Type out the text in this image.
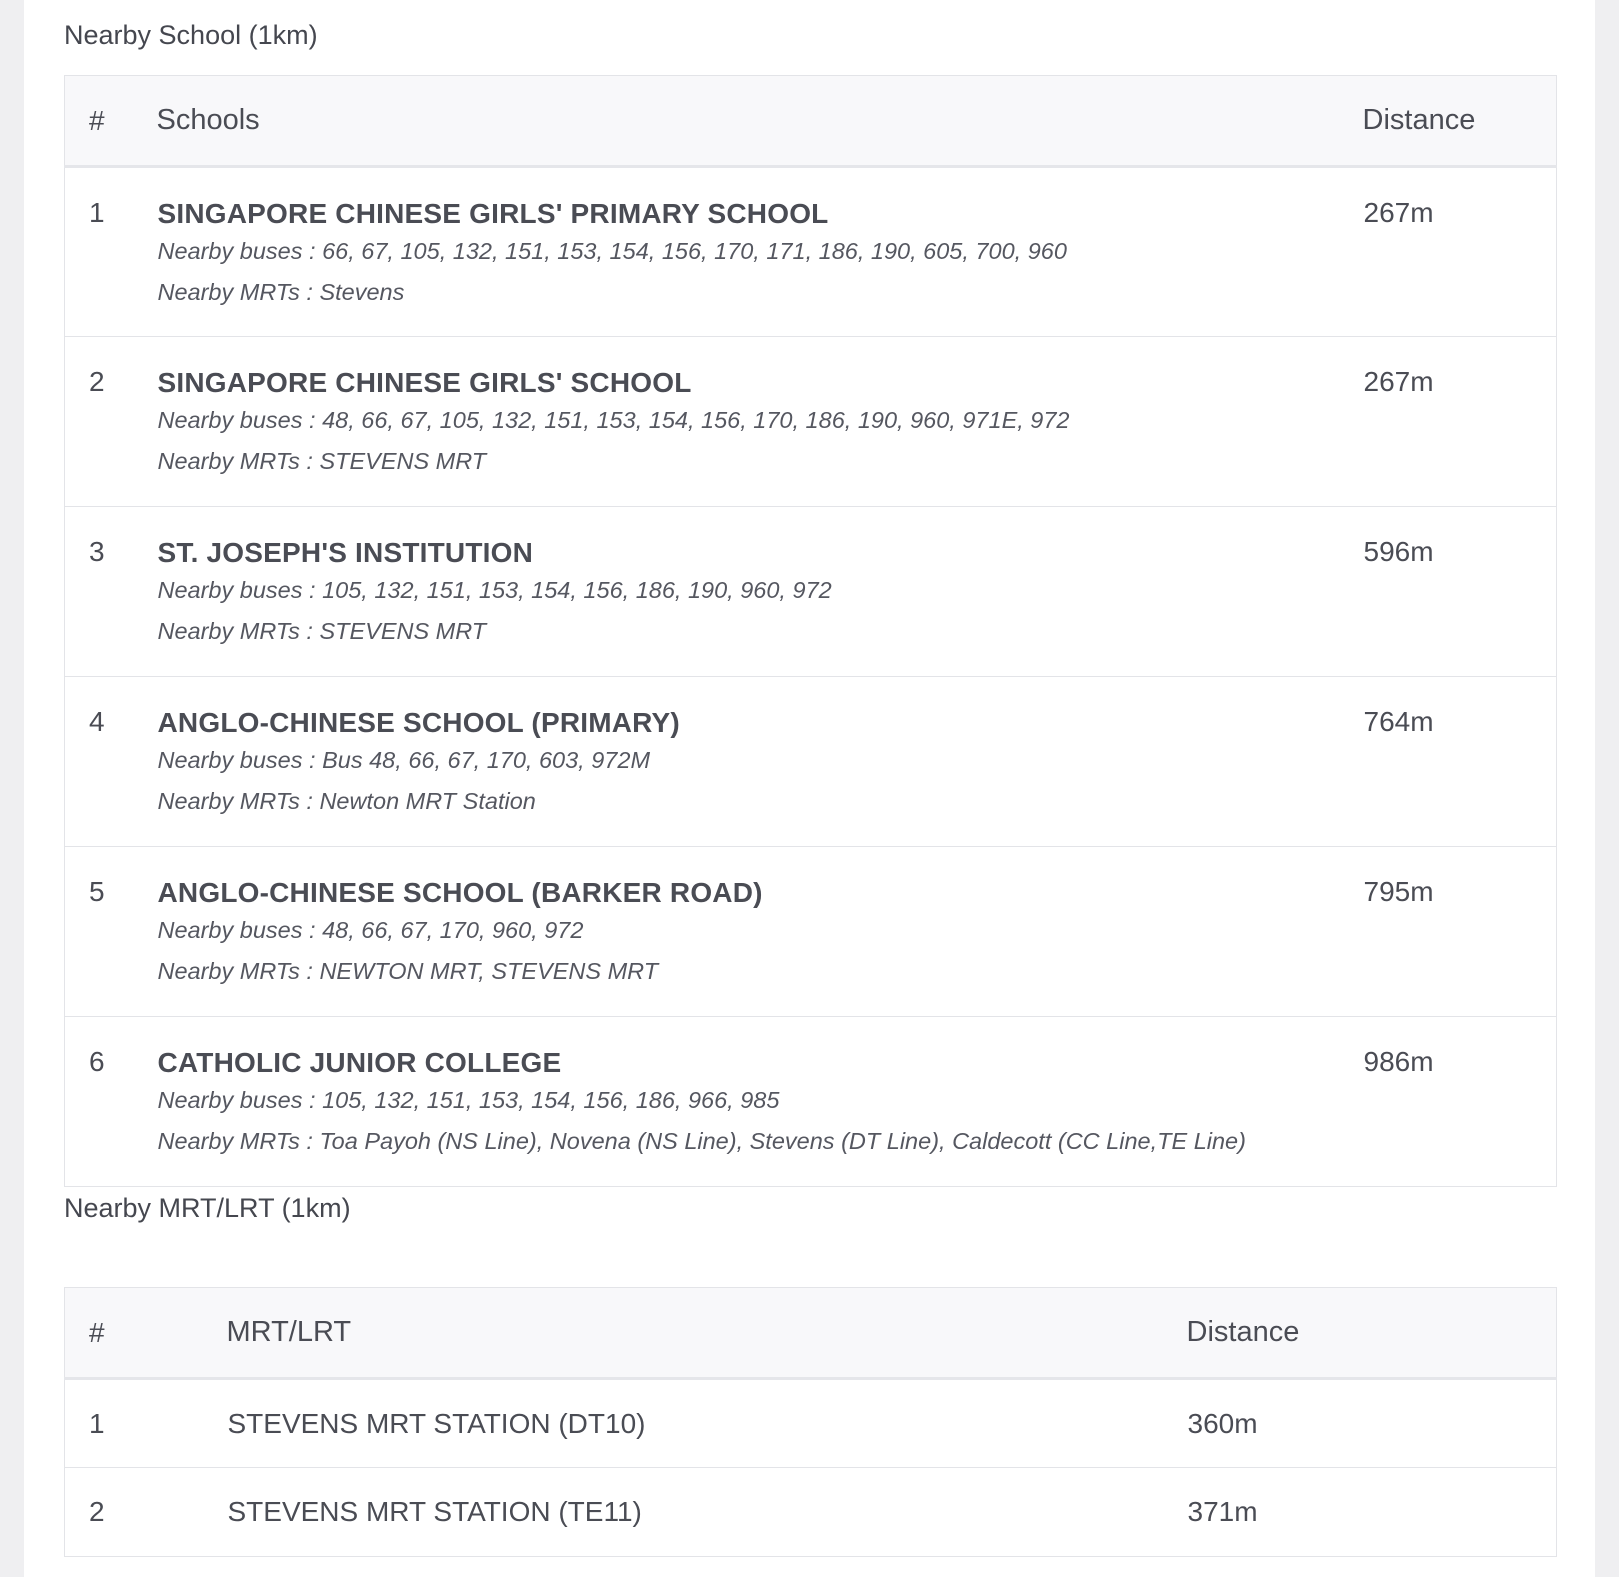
Nearby School (1km)
#	Schools	Distance
1	SINGAPORE CHINESE GIRLS' PRIMARY SCHOOL
Nearby buses : 66, 67, 105, 132, 151, 153, 154, 156, 170, 171, 186, 190, 605, 700, 960
Nearby MRTs : Stevens	267m
2	SINGAPORE CHINESE GIRLS' SCHOOL
Nearby buses : 48, 66, 67, 105, 132, 151, 153, 154, 156, 170, 186, 190, 960, 971E, 972
Nearby MRTs : STEVENS MRT	267m
3	ST. JOSEPH'S INSTITUTION
Nearby buses : 105, 132, 151, 153, 154, 156, 186, 190, 960, 972
Nearby MRTs : STEVENS MRT	596m
4	ANGLO-CHINESE SCHOOL (PRIMARY)
Nearby buses : Bus 48, 66, 67, 170, 603, 972M
Nearby MRTs : Newton MRT Station	764m
5	ANGLO-CHINESE SCHOOL (BARKER ROAD)
Nearby buses : 48, 66, 67, 170, 960, 972
Nearby MRTs : NEWTON MRT, STEVENS MRT	795m
6	CATHOLIC JUNIOR COLLEGE
Nearby buses : 105, 132, 151, 153, 154, 156, 186, 966, 985
Nearby MRTs : Toa Payoh (NS Line), Novena (NS Line), Stevens (DT Line), Caldecott (CC Line,TE Line)	986m
Nearby MRT/LRT (1km)
#	MRT/LRT	Distance
1	STEVENS MRT STATION (DT10)	360m
2	STEVENS MRT STATION (TE11)	371m
